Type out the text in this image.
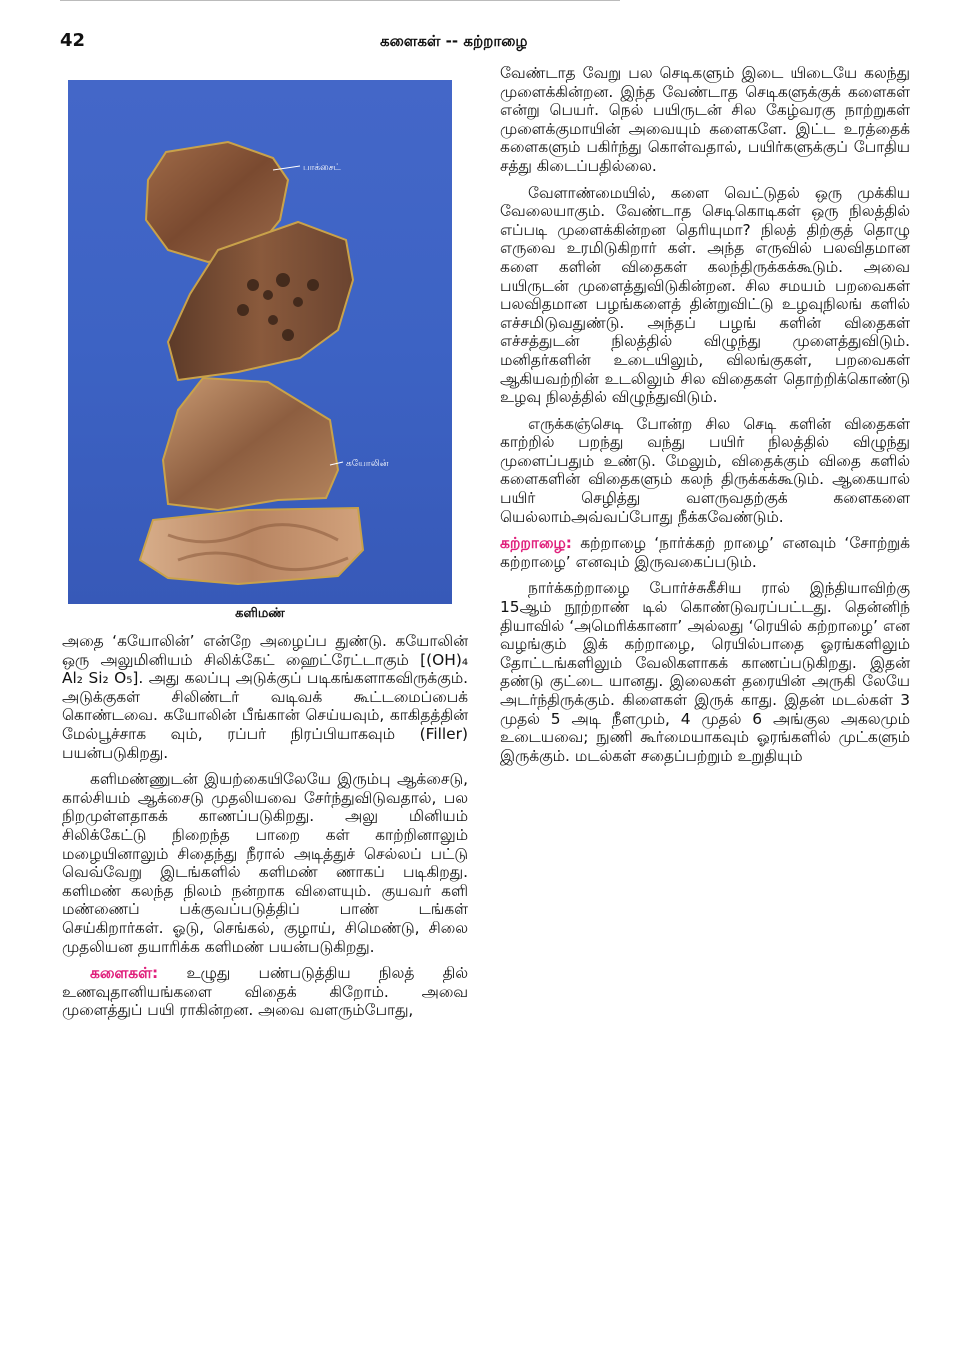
42	களைகள் -- கற்றாழை
பாக்சைட்
கயோலின்
களிமண்

அதை ‘கயோலின்’ என்றே அழைப்ப துண்டு. கயோலின் ஒரு அலுமினியம் சிலிக்கேட் ஹைட்ரேட்டாகும் [(OH)₄ Al₂ Si₂ O₅]. அது கலப்பு அடுக்குப் படிகங்களாகவிருக்கும். அடுக்குகள் சிலிண்டர் வடிவக் கூட்டமைப்பைக் கொண்டவை. கயோலின் பீங்கான் செய்யவும், காகிதத்தின் மேல்பூச்சாக வும், ரப்பர் நிரப்பியாகவும் (Filler) பயன்படுகிறது.

களிமண்ணுடன் இயற்கையிலேயே இரும்பு ஆக்சைடு, கால்சியம் ஆக்சைடு முதலியவை சேர்ந்துவிடுவதால், பல நிறமுள்ளதாகக் காணப்படுகிறது. அலு மினியம் சிலிக்கேட்டு நிறைந்த பாறை கள் காற்றினாலும் மழையினாலும் சிதைந்து நீரால் அடித்துச் செல்லப் பட்டு வெவ்வேறு இடங்களில் களிமண் ணாகப் படிகிறது. களிமண் கலந்த நிலம் நன்றாக விளையும். குயவர் களி மண்ணைப் பக்குவப்படுத்திப் பாண் டங்கள் செய்கிறார்கள். ஓடு, செங்கல், குழாய், சிமெண்டு, சிலை முதலியன தயாரிக்க களிமண் பயன்படுகிறது.

களைகள்: உழுது பண்படுத்திய நிலத் தில் உணவுதானியங்களை விதைக் கிறோம். அவை முளைத்துப் பயி ராகின்றன. அவை வளரும்போது,

வேண்டாத வேறு பல செடிகளும் இடை யிடையே கலந்து முளைக்கின்றன. இந்த வேண்டாத செடிகளுக்குக் களைகள் என்று பெயர். நெல் பயிருடன் சில கேழ்வரகு நாற்றுகள் முளைக்குமாயின் அவையும் களைகளே. இட்ட உரத்தைக் களைகளும் பகிர்ந்து கொள்வதால், பயிர்களுக்குப் போதிய சத்து கிடைப்பதில்லை.

வேளாண்மையில், களை வெட்டுதல் ஒரு முக்கிய வேலையாகும். வேண்டாத செடிகொடிகள் ஒரு நிலத்தில் எப்படி முளைக்கின்றன தெரியுமா? நிலத் திற்குத் தொழு எருவை உரமிடுகிறார் கள். அந்த எருவில் பலவிதமான களை களின் விதைகள் கலந்திருக்கக்கூடும். அவை பயிருடன் முளைத்துவிடுகின்றன. சில சமயம் பறவைகள் பலவிதமான பழங்களைத் தின்றுவிட்டு உழவுநிலங் களில் எச்சமிடுவதுண்டு. அந்தப் பழங் களின் விதைகள் எச்சத்துடன் நிலத்தில் விழுந்து முளைத்துவிடும். மனிதர்களின் உடையிலும், விலங்குகள், பறவைகள் ஆகியவற்றின் உடலிலும் சில விதைகள் தொற்றிக்கொண்டு உழவு நிலத்தில் விழுந்துவிடும்.

எருக்கஞ்செடி போன்ற சில செடி களின் விதைகள் காற்றில் பறந்து வந்து பயிர் நிலத்தில் விழுந்து முளைப்பதும் உண்டு. மேலும், விதைக்கும் விதை களில் களைகளின் விதைகளும் கலந் திருக்கக்கூடும். ஆகையால் பயிர் செழித்து வளருவதற்குக் களைகளை யெல்லாம்அவ்வப்போது நீக்கவேண்டும்.

கற்றாழை: கற்றாழை ‘நார்க்கற் றாழை’ எனவும் ‘சோற்றுக் கற்றாழை’ எனவும் இருவகைப்படும்.

நார்க்கற்றாழை போர்ச்சுகீசிய ரால் இந்தியாவிற்கு 15ஆம் நூற்றாண் டில் கொண்டுவரப்பட்டது. தென்னிந் தியாவில் ‘அமெரிக்கானா’ அல்லது ‘ரெயில் கற்றாழை’ என வழங்கும் இக் கற்றாழை, ரெயில்பாதை ஓரங்களிலும் தோட்டங்களிலும் வேலிகளாகக் காணப்படுகிறது. இதன் தண்டு குட்டை யானது. இலைகள் தரையின் அருகி லேயே அடர்ந்திருக்கும். கிளைகள் இருக் காது. இதன் மடல்கள் 3 முதல் 5 அடி நீளமும், 4 முதல் 6 அங்குல அகலமும் உடையவை; நுணி கூர்மையாகவும் ஓரங்களில் முட்களும் இருக்கும். மடல்கள் சதைப்பற்றும் உறுதியும்
